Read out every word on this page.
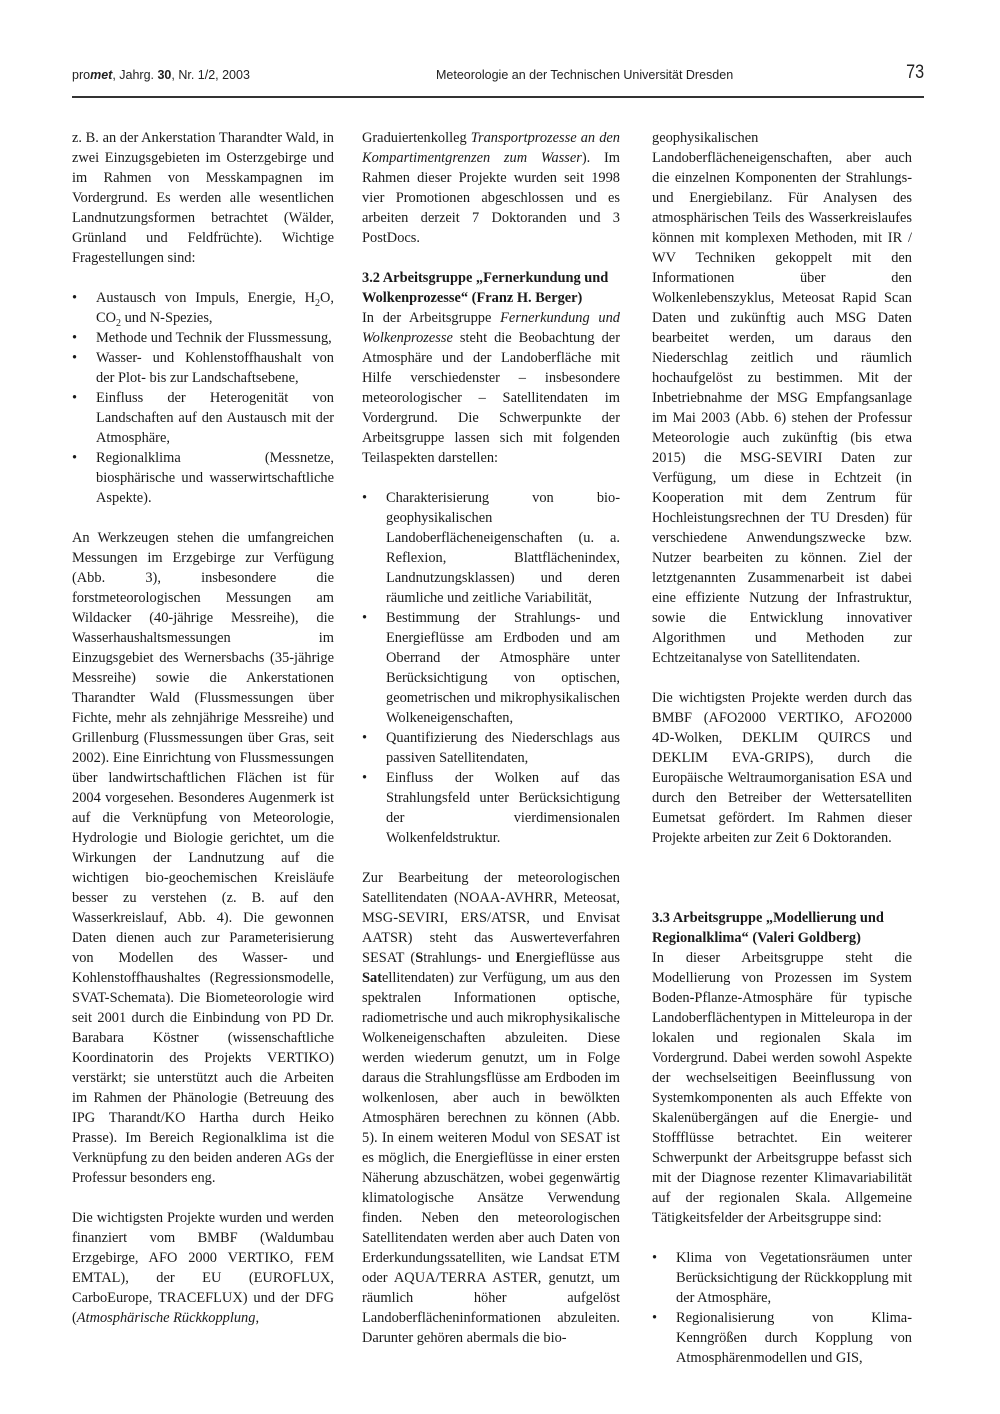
promet, Jahrg. 30, Nr. 1/2, 2003	Meteorologie an der Technischen Universität Dresden	73

z. B. an der Ankerstation Tharandter Wald, in zwei Einzugsgebieten im Osterzgebirge und im Rahmen von Messkampagnen im Vordergrund. Es werden alle wesentlichen Landnutzungsformen betrachtet (Wälder, Grünland und Feldfrüchte). Wichtige Fragestellungen sind:

• Austausch von Impuls, Energie, $H_2O$, $CO_2$ und N-Spezies,
• Methode und Technik der Flussmessung,
• Wasser- und Kohlenstoffhaushalt von der Plot- bis zur Landschaftsebene,
• Einfluss der Heterogenität von Landschaften auf den Austausch mit der Atmosphäre,
• Regionalklima (Messnetze, biosphärische und wasserwirtschaftliche Aspekte).

An Werkzeugen stehen die umfangreichen Messungen im Erzgebirge zur Verfügung (Abb. 3), insbesondere die forstmeteorologischen Messungen am Wildacker (40-jährige Messreihe), die Wasserhaushaltsmessungen im Einzugsgebiet des Wernersbachs (35-jährige Messreihe) sowie die Ankerstationen Tharandter Wald (Flussmessungen über Fichte, mehr als zehnjährige Messreihe) und Grillenburg (Flussmessungen über Gras, seit 2002). Eine Einrichtung von Flussmessungen über landwirtschaftlichen Flächen ist für 2004 vorgesehen. Besonderes Augenmerk ist auf die Verknüpfung von Meteorologie, Hydrologie und Biologie gerichtet, um die Wirkungen der Landnutzung auf die wichtigen bio-geochemischen Kreisläufe besser zu verstehen (z. B. auf den Wasserkreislauf, Abb. 4). Die gewonnen Daten dienen auch zur Parameterisierung von Modellen des Wasser- und Kohlenstoffhaushaltes (Regressionsmodelle, SVAT-Schemata). Die Biometeorologie wird seit 2001 durch die Einbindung von PD Dr. Barabara Köstner (wissenschaftliche Koordinatorin des Projekts VERTIKO) verstärkt; sie unterstützt auch die Arbeiten im Rahmen der Phänologie (Betreuung des IPG Tharandt/KO Hartha durch Heiko Prasse). Im Bereich Regionalklima ist die Verknüpfung zu den beiden anderen AGs der Professur besonders eng.

Die wichtigsten Projekte wurden und werden finanziert vom BMBF (Waldumbau Erzgebirge, AFO 2000 VERTIKO, FEM EMTAL), der EU (EUROFLUX, CarboEurope, TRACEFLUX) und der DFG (Atmosphärische Rückkopplung,

Graduiertenkolleg Transportprozesse an den Kompartimentgrenzen zum Wasser). Im Rahmen dieser Projekte wurden seit 1998 vier Promotionen abgeschlossen und es arbeiten derzeit 7 Doktoranden und 3 PostDocs.

3.2 Arbeitsgruppe „Fernerkundung und Wolkenprozesse“ (Franz H. Berger)

In der Arbeitsgruppe Fernerkundung und Wolkenprozesse steht die Beobachtung der Atmosphäre und der Landoberfläche mit Hilfe verschiedenster – insbesondere meteorologischer – Satellitendaten im Vordergrund. Die Schwerpunkte der Arbeitsgruppe lassen sich mit folgenden Teilaspekten darstellen:

• Charakterisierung von bio-geophysikalischen Landoberflächeneigenschaften (u. a. Reflexion, Blattflächenindex, Landnutzungsklassen) und deren räumliche und zeitliche Variabilität,
• Bestimmung der Strahlungs- und Energieflüsse am Erdboden und am Oberrand der Atmosphäre unter Berücksichtigung von optischen, geometrischen und mikrophysikalischen Wolkeneigenschaften,
• Quantifizierung des Niederschlags aus passiven Satellitendaten,
• Einfluss der Wolken auf das Strahlungsfeld unter Berücksichtigung der vierdimensionalen Wolkenfeldstruktur.

Zur Bearbeitung der meteorologischen Satellitendaten (NOAA-AVHRR, Meteosat, MSG-SEVIRI, ERS/ATSR, und Envisat AATSR) steht das Auswerteverfahren SESAT (Strahlungs- und Energieflüsse aus Satellitendaten) zur Verfügung, um aus den spektralen Informationen optische, radiometrische und auch mikrophysikalische Wolkeneigenschaften abzuleiten. Diese werden wiederum genutzt, um in Folge daraus die Strahlungsflüsse am Erdboden im wolkenlosen, aber auch in bewölkten Atmosphären berechnen zu können (Abb. 5). In einem weiteren Modul von SESAT ist es möglich, die Energieflüsse in einer ersten Näherung abzuschätzen, wobei gegenwärtig klimatologische Ansätze Verwendung finden. Neben den meteorologischen Satellitendaten werden aber auch Daten von Erderkundungssatelliten, wie Landsat ETM oder AQUA/TERRA ASTER, genutzt, um räumlich höher aufgelöst Landoberflächeninformationen abzuleiten. Darunter gehören abermals die bio-

geophysikalischen Landoberflächeneigenschaften, aber auch die einzelnen Komponenten der Strahlungs- und Energiebilanz. Für Analysen des atmosphärischen Teils des Wasserkreislaufes können mit komplexen Methoden, mit IR / WV Techniken gekoppelt mit den Informationen über den Wolkenlebenszyklus, Meteosat Rapid Scan Daten und zukünftig auch MSG Daten bearbeitet werden, um daraus den Niederschlag zeitlich und räumlich hochaufgelöst zu bestimmen. Mit der Inbetriebnahme der MSG Empfangsanlage im Mai 2003 (Abb. 6) stehen der Professur Meteorologie auch zukünftig (bis etwa 2015) die MSG-SEVIRI Daten zur Verfügung, um diese in Echtzeit (in Kooperation mit dem Zentrum für Hochleistungsrechnen der TU Dresden) für verschiedene Anwendungszwecke bzw. Nutzer bearbeiten zu können. Ziel der letztgenannten Zusammenarbeit ist dabei eine effiziente Nutzung der Infrastruktur, sowie die Entwicklung innovativer Algorithmen und Methoden zur Echtzeitanalyse von Satellitendaten.

Die wichtigsten Projekte werden durch das BMBF (AFO2000 VERTIKO, AFO2000 4D-Wolken, DEKLIM QUIRCS und DEKLIM EVA-GRIPS), durch die Europäische Weltraumorganisation ESA und durch den Betreiber der Wettersatelliten Eumetsat gefördert. Im Rahmen dieser Projekte arbeiten zur Zeit 6 Doktoranden.

3.3 Arbeitsgruppe „Modellierung und Regionalklima“ (Valeri Goldberg)

In dieser Arbeitsgruppe steht die Modellierung von Prozessen im System Boden-Pflanze-Atmosphäre für typische Landoberflächentypen in Mitteleuropa in der lokalen und regionalen Skala im Vordergrund. Dabei werden sowohl Aspekte der wechselseitigen Beeinflussung von Systemkomponenten als auch Effekte von Skalenübergängen auf die Energie- und Stoffflüsse betrachtet. Ein weiterer Schwerpunkt der Arbeitsgruppe befasst sich mit der Diagnose rezenter Klimavariabilität auf der regionalen Skala. Allgemeine Tätigkeitsfelder der Arbeitsgruppe sind:

• Klima von Vegetationsräumen unter Berücksichtigung der Rückkopplung mit der Atmosphäre,
• Regionalisierung von Klima-Kenngrößen durch Kopplung von Atmosphärenmodellen und GIS,
